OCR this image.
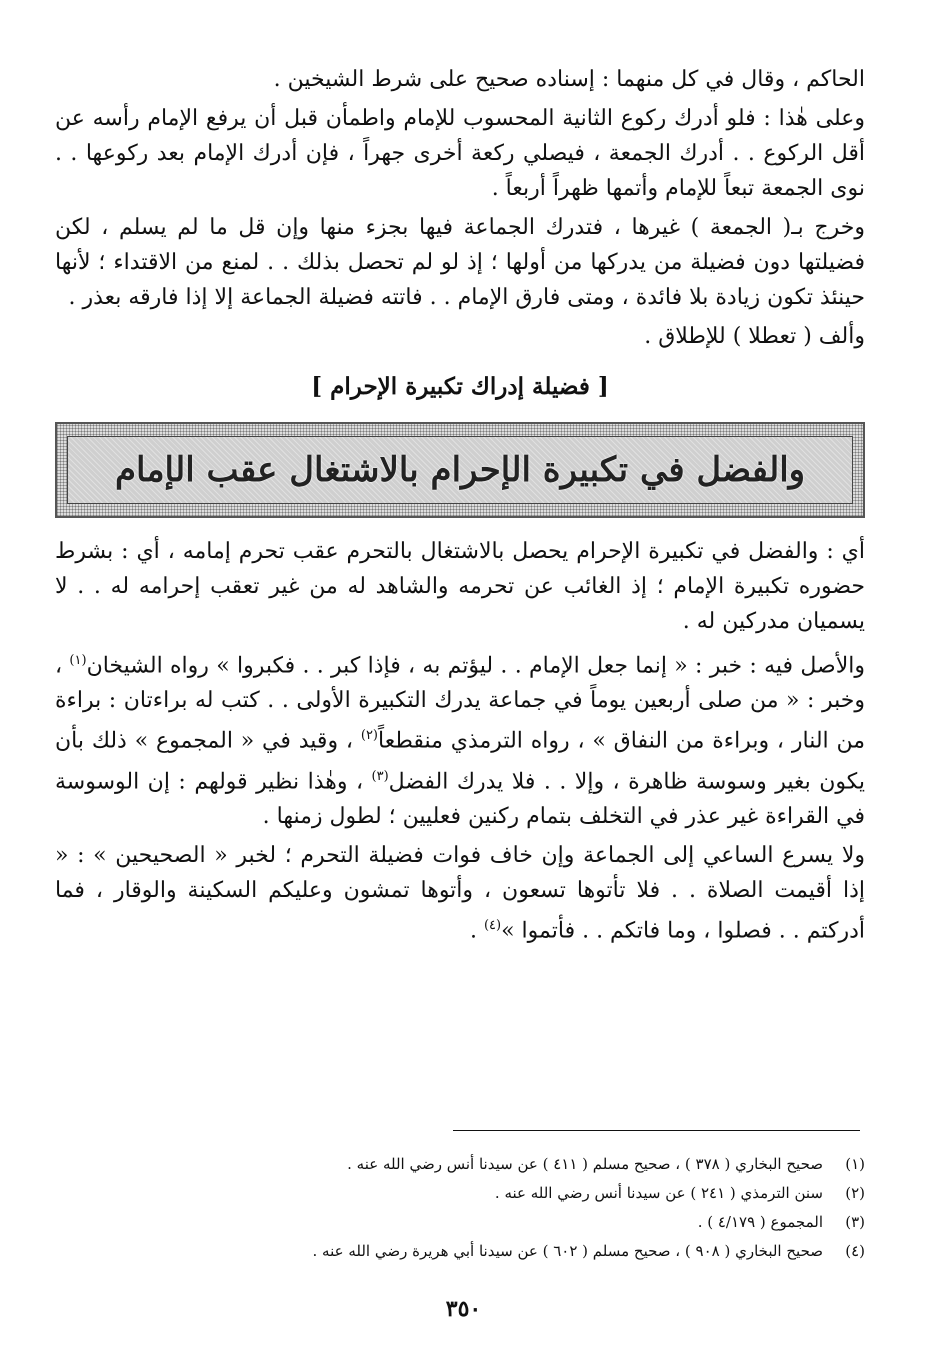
الحاكم ، وقال في كل منهما : إسناده صحيح على شرط الشيخين .

وعلى هٰذا : فلو أدرك ركوع الثانية المحسوب للإمام واطمأن قبل أن يرفع الإمام رأسه عن أقل الركوع . . أدرك الجمعة ، فيصلي ركعة أخرى جهراً ، فإن أدرك الإمام بعد ركوعها . . نوى الجمعة تبعاً للإمام وأتمها ظهراً أربعاً .

وخرج بـ( الجمعة ) غيرها ، فتدرك الجماعة فيها بجزء منها وإن قل ما لم يسلم ، لكن فضيلتها دون فضيلة من يدركها من أولها ؛ إذ لو لم تحصل بذلك . . لمنع من الاقتداء ؛ لأنها حينئذ تكون زيادة بلا فائدة ، ومتى فارق الإمام . . فاتته فضيلة الجماعة إلا إذا فارقه بعذر .

وألف ( تعطلا ) للإطلاق .

[ فضيلة إدراك تكبيرة الإحرام ]
والفضل في تكبيرة الإحرام بالاشتغال عقب الإمام

أي : والفضل في تكبيرة الإحرام يحصل بالاشتغال بالتحرم عقب تحرم إمامه ، أي : بشرط حضوره تكبيرة الإمام ؛ إذ الغائب عن تحرمه والشاهد له من غير تعقب إحرامه له . . لا يسميان مدركين له .

والأصل فيه : خبر : « إنما جعل الإمام . . ليؤتم به ، فإذا كبر . . فكبروا » رواه الشيخان$^{(١)}$ ، وخبر : « من صلى أربعين يوماً في جماعة يدرك التكبيرة الأولى . . كتب له براءتان : براءة من النار ، وبراءة من النفاق » ، رواه الترمذي منقطعاً$^{(٢)}$ ، وقيد في « المجموع » ذلك بأن يكون بغير وسوسة ظاهرة ، وإلا . . فلا يدرك الفضل$^{(٣)}$ ، وهٰذا نظير قولهم : إن الوسوسة في القراءة غير عذر في التخلف بتمام ركنين فعليين ؛ لطول زمنها .

ولا يسرع الساعي إلى الجماعة وإن خاف فوات فضيلة التحرم ؛ لخبر « الصحيحين » : « إذا أقيمت الصلاة . . فلا تأتوها تسعون ، وأتوها تمشون وعليكم السكينة والوقار ، فما أدركتم . . فصلوا ، وما فاتكم . . فأتموا »$^{(٤)}$ .

(١)
صحيح البخاري ( ٣٧٨ ) ، صحيح مسلم ( ٤١١ ) عن سيدنا أنس رضي الله عنه .
(٢)
سنن الترمذي ( ٢٤١ ) عن سيدنا أنس رضي الله عنه .
(٣)
المجموع ( ٤/١٧٩ ) .
(٤)
صحيح البخاري ( ٩٠٨ ) ، صحيح مسلم ( ٦٠٢ ) عن سيدنا أبي هريرة رضي الله عنه .
٣٥٠
